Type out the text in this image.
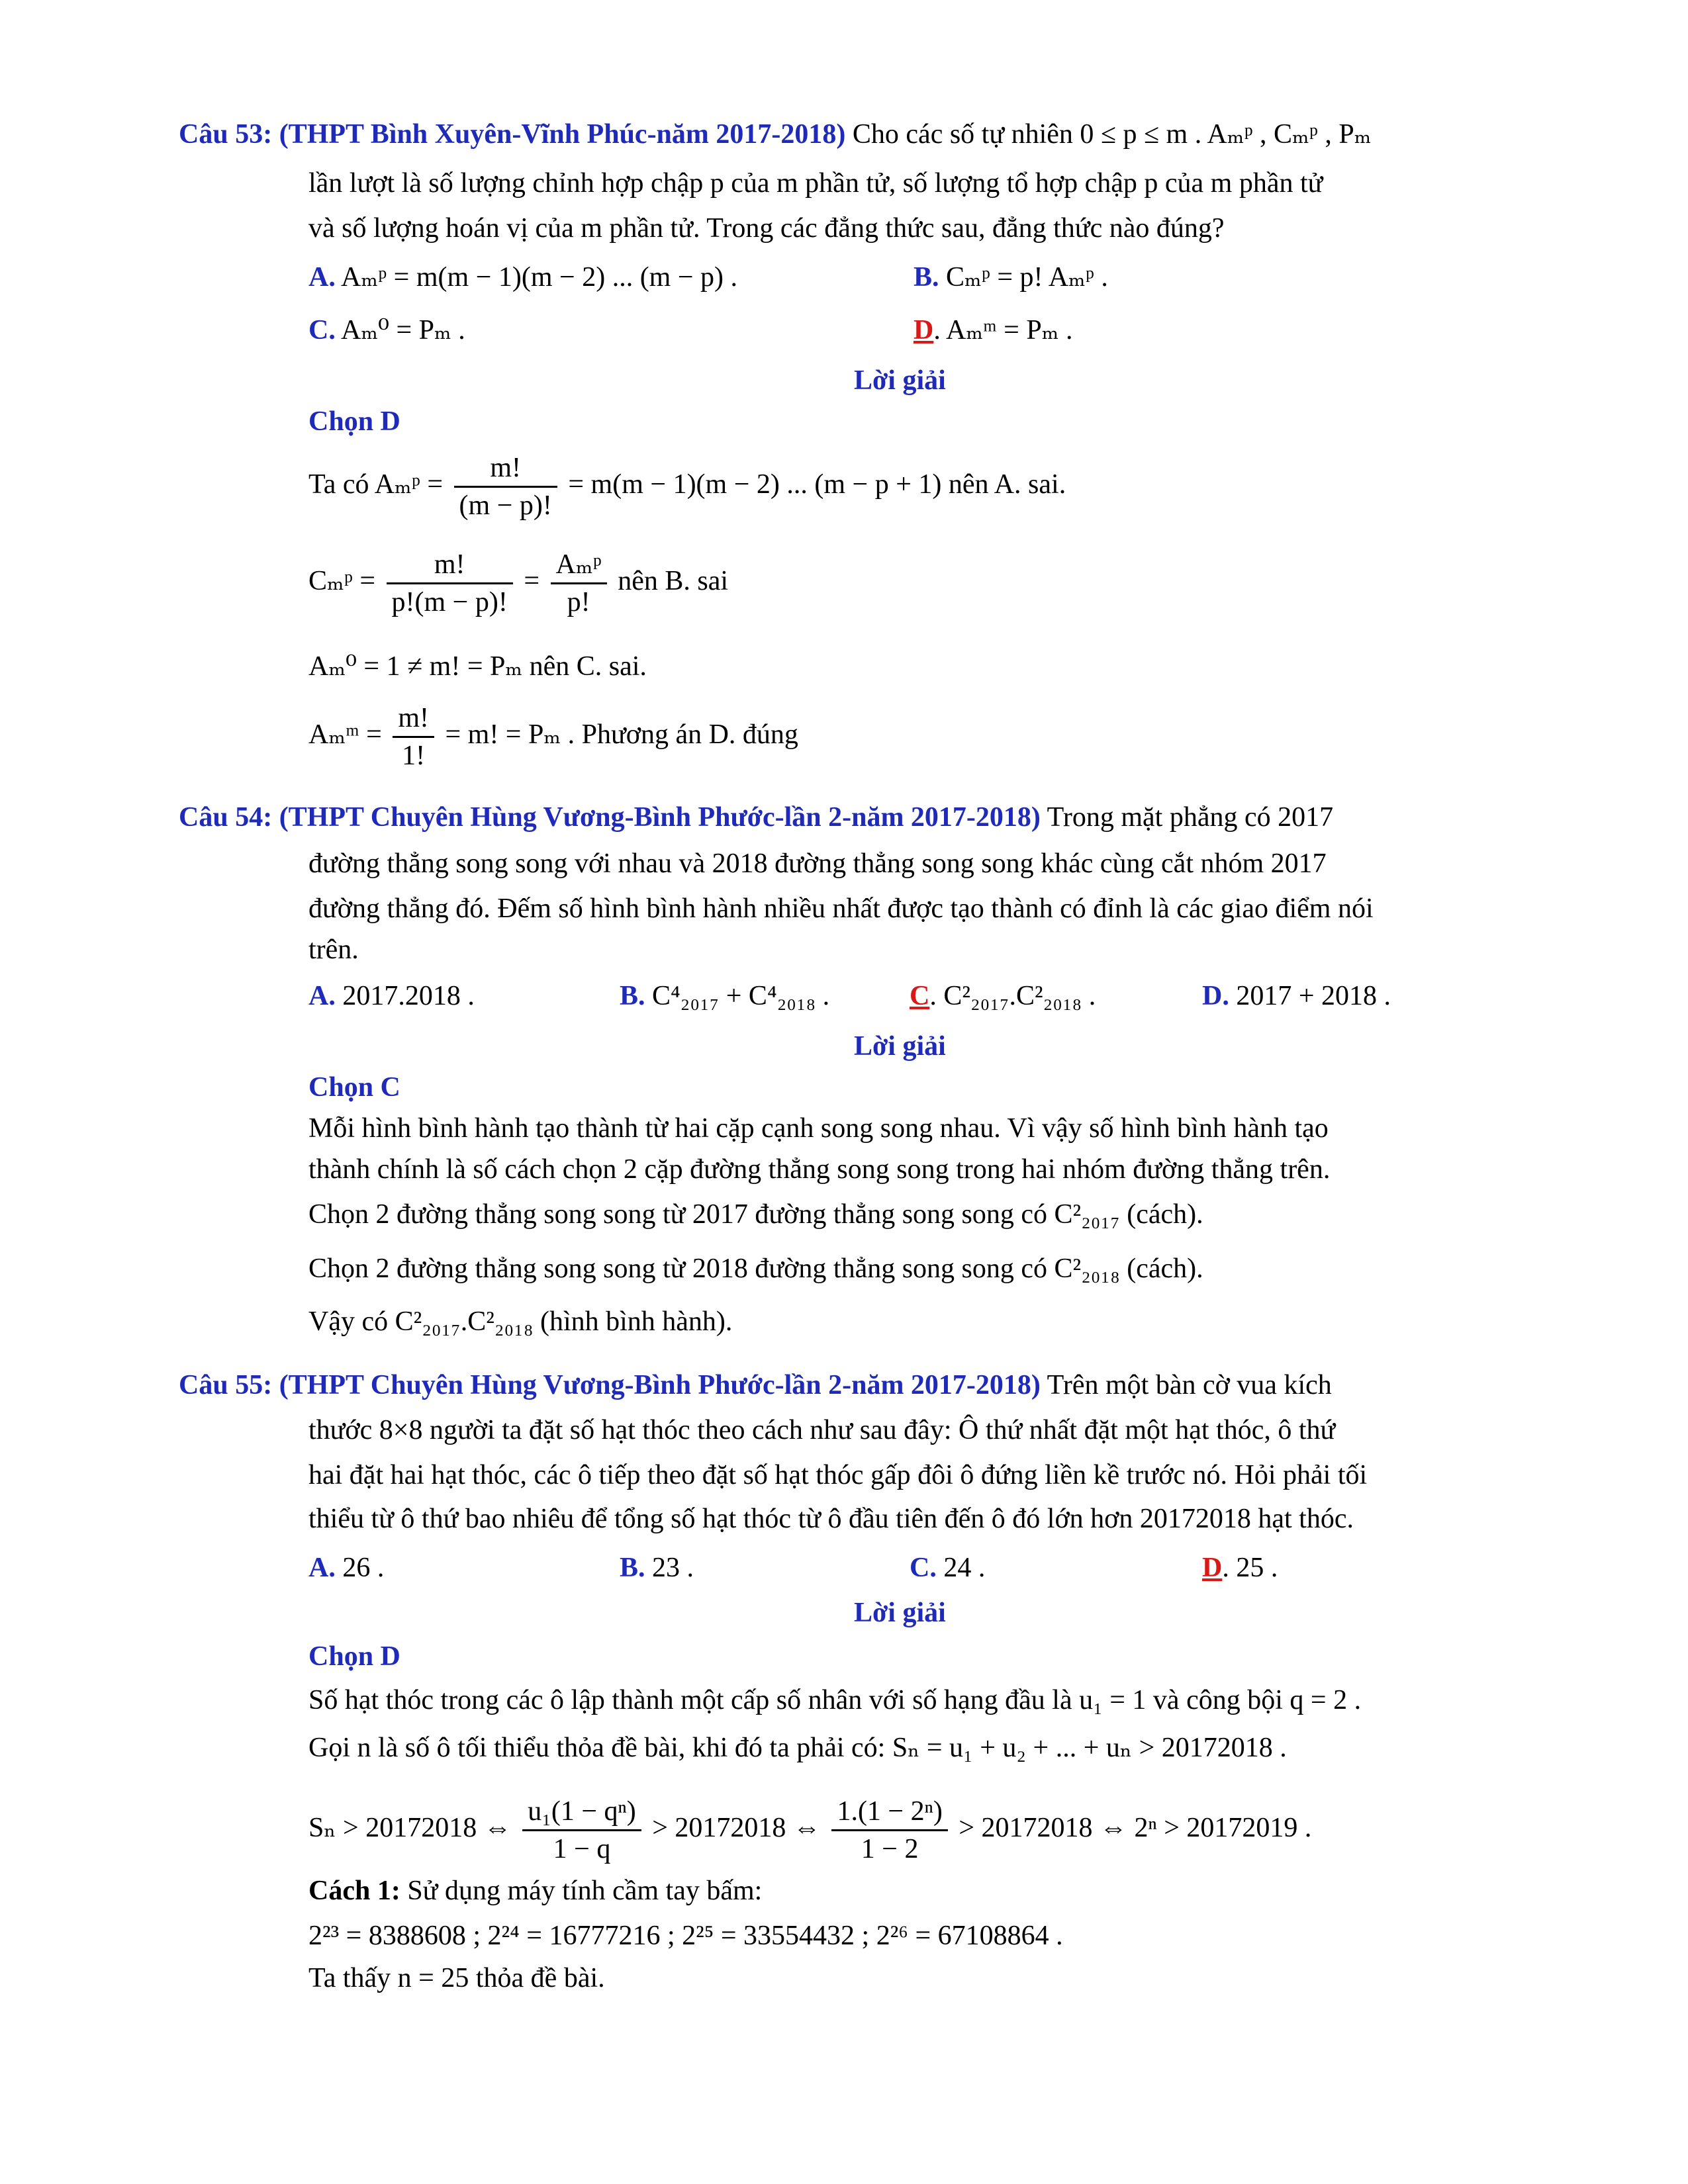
Câu 53: (THPT Bình Xuyên-Vĩnh Phúc-năm 2017-2018) Cho các số tự nhiên 0 ≤ p ≤ m . Aₘᵖ , Cₘᵖ , Pₘ
lần lượt là số lượng chỉnh hợp chập p của m phần tử, số lượng tổ hợp chập p của m phần tử
và số lượng hoán vị của m phần tử. Trong các đẳng thức sau, đẳng thức nào đúng?
A. Aₘᵖ = m(m − 1)(m − 2) ... (m − p) .	B. Cₘᵖ = p! Aₘᵖ .
C. Aₘ⁰ = Pₘ .	D. Aₘᵐ = Pₘ .
Lời giải
Chọn D
Ta có Aₘᵖ = $\frac{m!}{(m - p)!} = m(m - 1)(m - 2)$ ... (m − p + 1) nên A. sai.
Cₘᵖ = $\frac{m!}{p!(m - p)!} = \frac{\text{Aₘᵖ}}{p!}$ nên B. sai
Aₘ⁰ = 1 ≠ m! = Pₘ nên C. sai.
Aₘᵐ = $\frac{m!}{1!} = m$! = Pₘ . Phương án D. đúng
Câu 54: (THPT Chuyên Hùng Vương-Bình Phước-lần 2-năm 2017-2018) Trong mặt phẳng có 2017
đường thẳng song song với nhau và 2018 đường thẳng song song khác cùng cắt nhóm 2017
đường thẳng đó. Đếm số hình bình hành nhiều nhất được tạo thành có đỉnh là các giao điểm nói
trên.
A. 2017.2018 .	B. C⁴₂₀₁₇ + C⁴₂₀₁₈ .	C. C²₂₀₁₇.C²₂₀₁₈ .	D. 2017 + 2018 .
Lời giải
Chọn C
Mỗi hình bình hành tạo thành từ hai cặp cạnh song song nhau. Vì vậy số hình bình hành tạo
thành chính là số cách chọn 2 cặp đường thẳng song song trong hai nhóm đường thẳng trên.
Chọn 2 đường thẳng song song từ 2017 đường thẳng song song có C²₂₀₁₇ (cách).
Chọn 2 đường thẳng song song từ 2018 đường thẳng song song có C²₂₀₁₈ (cách).
Vậy có C²₂₀₁₇.C²₂₀₁₈ (hình bình hành).
Câu 55: (THPT Chuyên Hùng Vương-Bình Phước-lần 2-năm 2017-2018) Trên một bàn cờ vua kích
thước 8×8 người ta đặt số hạt thóc theo cách như sau đây: Ô thứ nhất đặt một hạt thóc, ô thứ
hai đặt hai hạt thóc, các ô tiếp theo đặt số hạt thóc gấp đôi ô đứng liền kề trước nó. Hỏi phải tối
thiểu từ ô thứ bao nhiêu để tổng số hạt thóc từ ô đầu tiên đến ô đó lớn hơn 20172018 hạt thóc.
A. 26 .	B. 23 .	C. 24 .	D. 25 .
Lời giải
Chọn D
Số hạt thóc trong các ô lập thành một cấp số nhân với số hạng đầu là u₁ = 1 và công bội q = 2 .
Gọi n là số ô tối thiểu thỏa đề bài, khi đó ta phải có: Sₙ = u₁ + u₂ + ... + uₙ > 20172018 .
Sₙ > 20172018 ⇔ $\frac{\text{u₁(1 − qⁿ)}}{1 - q} > 20172018$ ⇔ $\frac{\text{1.(1 − 2ⁿ)}}{1 - 2} > 20172018$ ⇔ 2ⁿ > 20172019 .
Cách 1: Sử dụng máy tính cầm tay bấm:
2²³ = 8388608 ; 2²⁴ = 16777216 ; 2²⁵ = 33554432 ; 2²⁶ = 67108864 .
Ta thấy n = 25 thỏa đề bài.
